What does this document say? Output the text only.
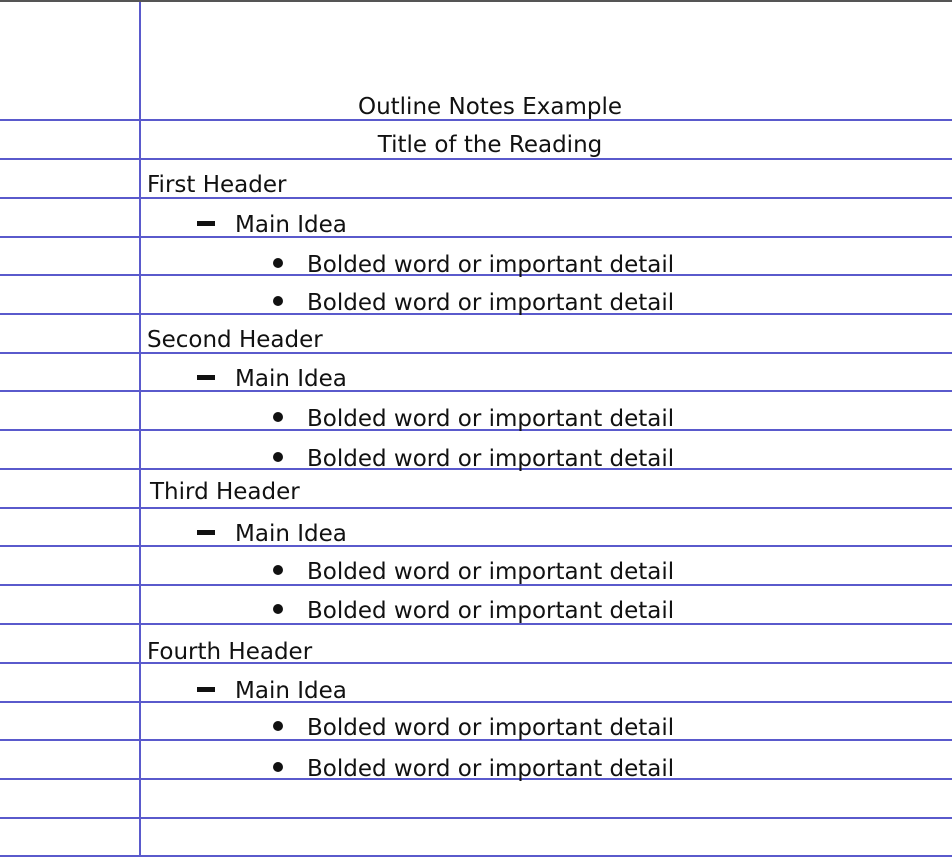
Outline Notes Example
Title of the Reading
First Header
Main Idea
Bolded word or important detail
Bolded word or important detail
Second Header
Main Idea
Bolded word or important detail
Bolded word or important detail
Third Header
Main Idea
Bolded word or important detail
Bolded word or important detail
Fourth Header
Main Idea
Bolded word or important detail
Bolded word or important detail
